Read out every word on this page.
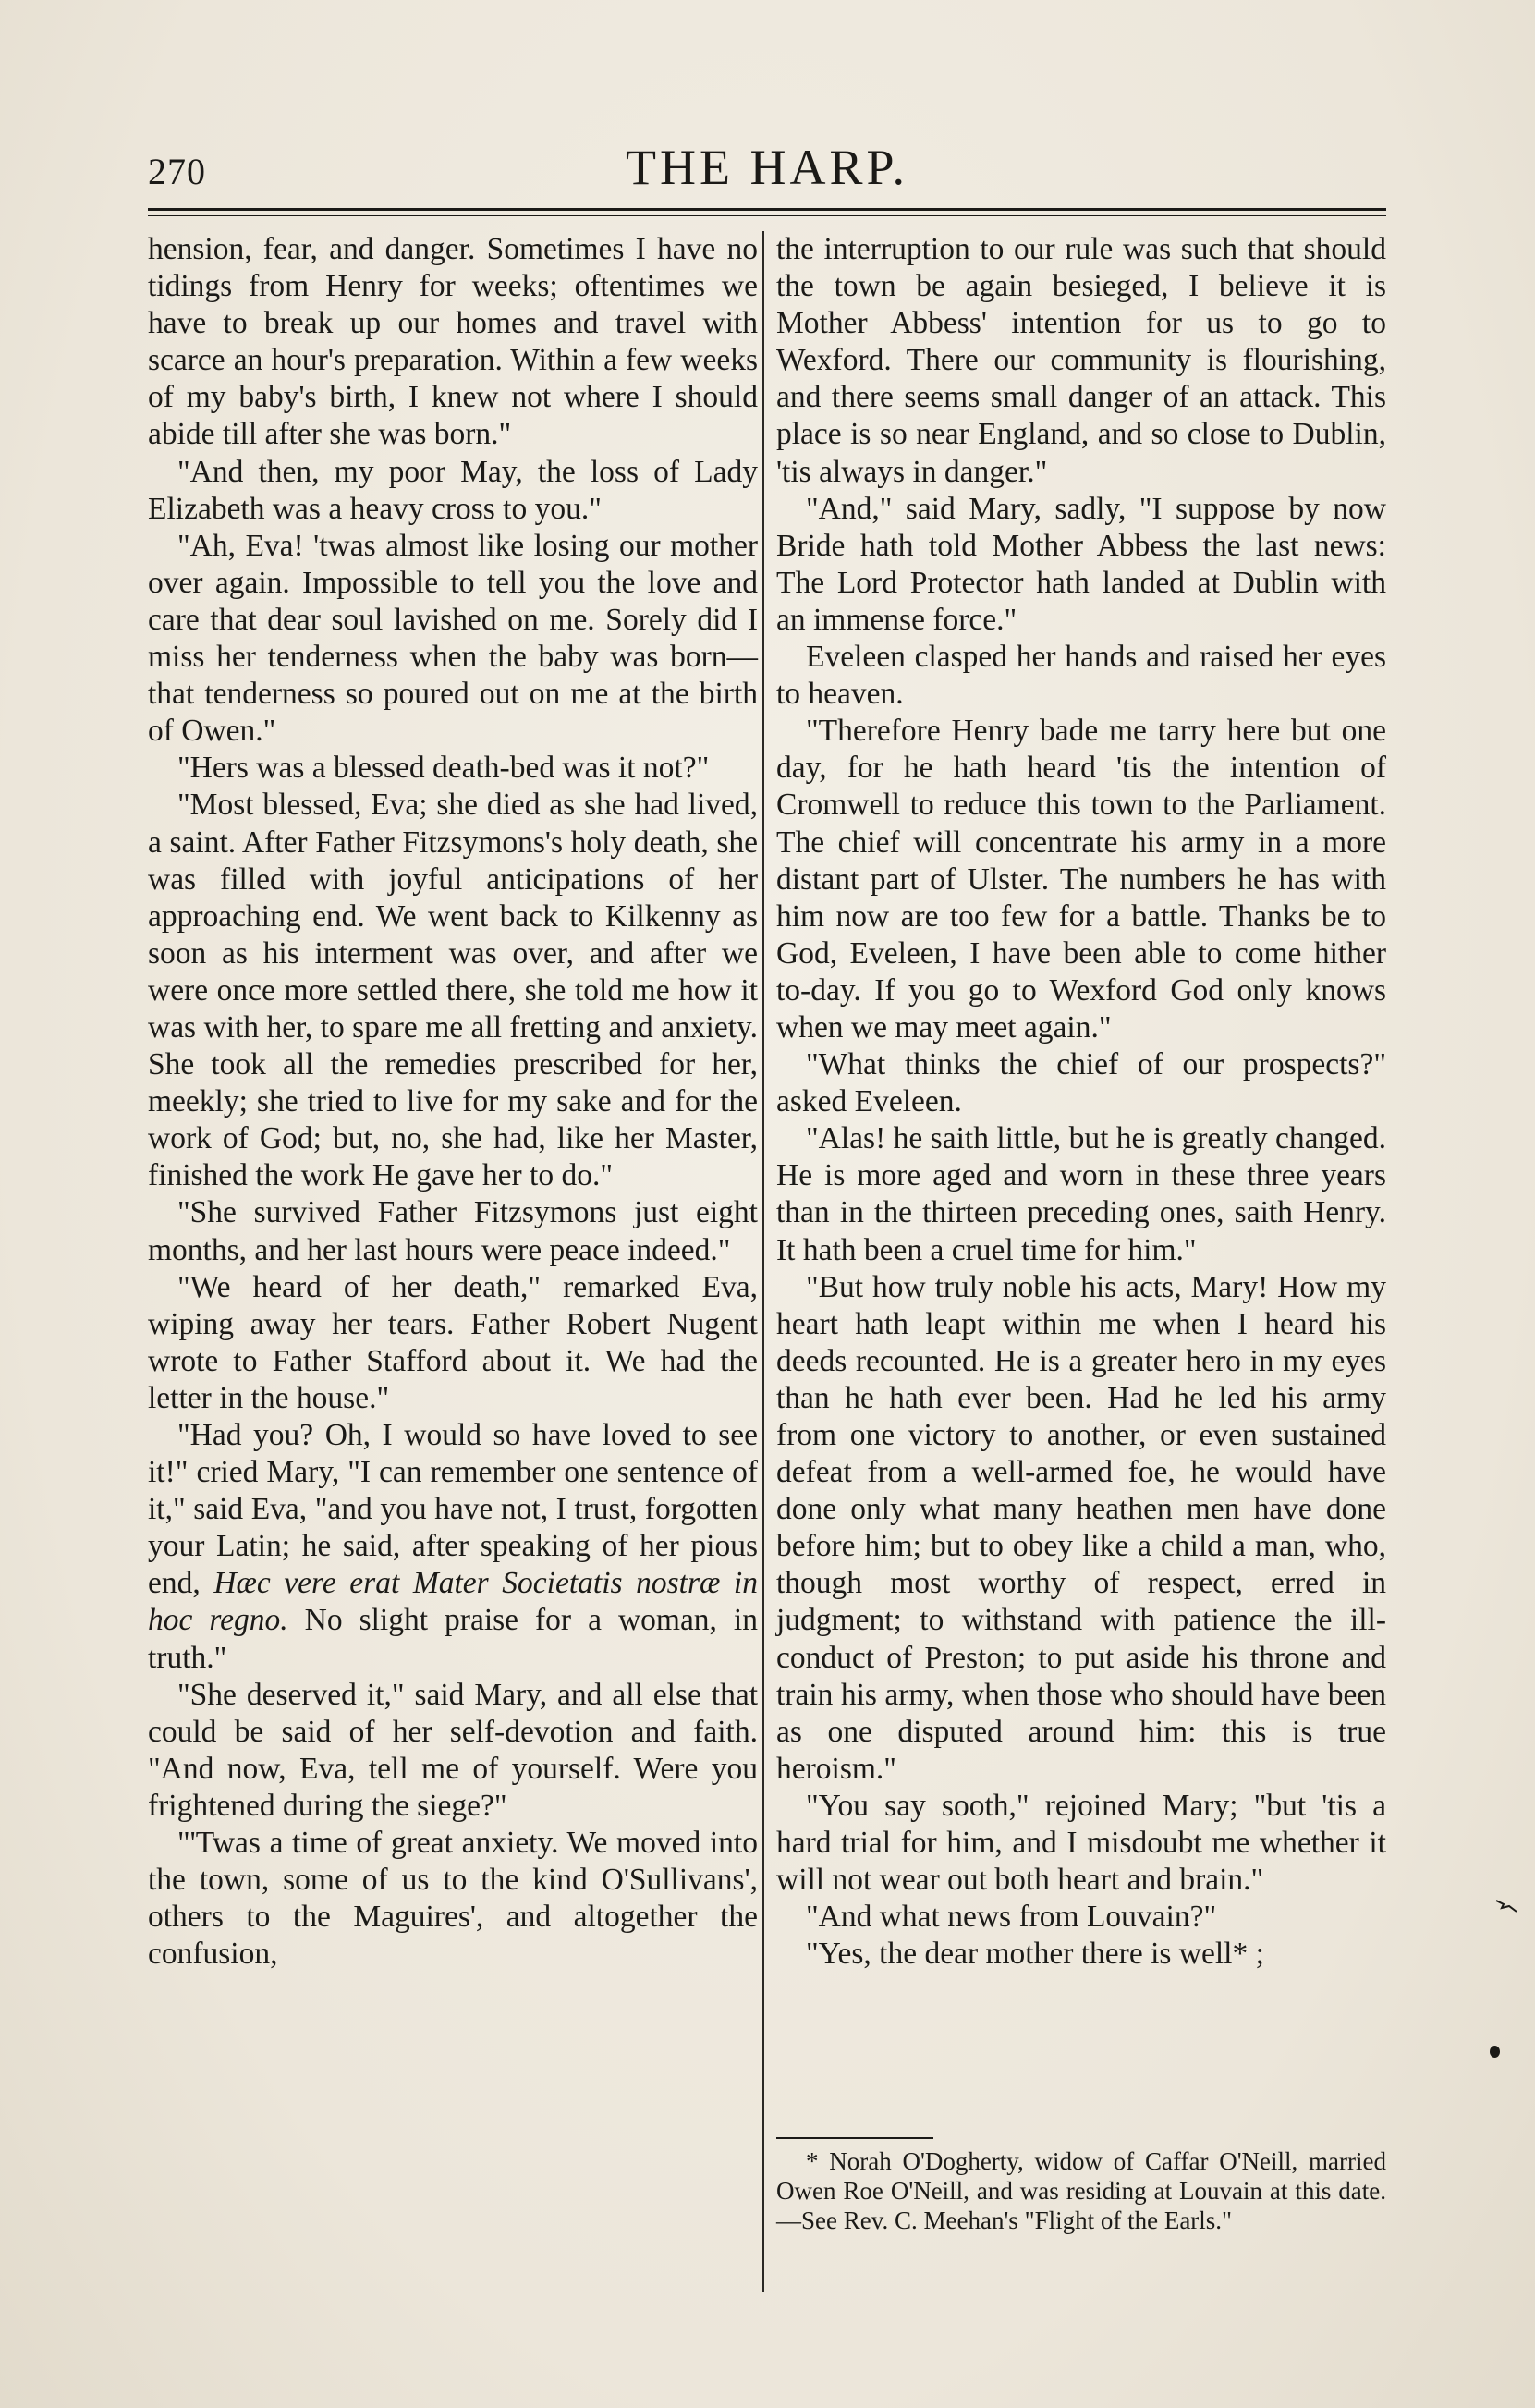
270	THE HARP.

hension, fear, and danger. Sometimes I have no tidings from Henry for weeks; oftentimes we have to break up our homes and travel with scarce an hour's preparation. Within a few weeks of my baby's birth, I knew not where I should abide till after she was born."

"And then, my poor May, the loss of Lady Elizabeth was a heavy cross to you."

"Ah, Eva! 'twas almost like losing our mother over again. Impossible to tell you the love and care that dear soul lavished on me. Sorely did I miss her tenderness when the baby was born—that tenderness so poured out on me at the birth of Owen."

"Hers was a blessed death-bed was it not?"

"Most blessed, Eva; she died as she had lived, a saint. After Father Fitzsymons's holy death, she was filled with joyful anticipations of her approaching end. We went back to Kilkenny as soon as his interment was over, and after we were once more settled there, she told me how it was with her, to spare me all fretting and anxiety. She took all the remedies prescribed for her, meekly; she tried to live for my sake and for the work of God; but, no, she had, like her Master, finished the work He gave her to do."

"She survived Father Fitzsymons just eight months, and her last hours were peace indeed."

"We heard of her death," remarked Eva, wiping away her tears. Father Robert Nugent wrote to Father Stafford about it. We had the letter in the house."

"Had you? Oh, I would so have loved to see it!" cried Mary, "I can remember one sentence of it," said Eva, "and you have not, I trust, forgotten your Latin; he said, after speaking of her pious end, Hæc vere erat Mater Societatis nostræ in hoc regno. No slight praise for a woman, in truth."

"She deserved it," said Mary, and all else that could be said of her self-devotion and faith. "And now, Eva, tell me of yourself. Were you frightened during the siege?"

"'Twas a time of great anxiety. We moved into the town, some of us to the kind O'Sullivans', others to the Maguires', and altogether the confusion,

the interruption to our rule was such that should the town be again besieged, I believe it is Mother Abbess' intention for us to go to Wexford. There our community is flourishing, and there seems small danger of an attack. This place is so near England, and so close to Dublin, 'tis always in danger."

"And," said Mary, sadly, "I suppose by now Bride hath told Mother Abbess the last news: The Lord Protector hath landed at Dublin with an immense force."

Eveleen clasped her hands and raised her eyes to heaven.

"Therefore Henry bade me tarry here but one day, for he hath heard 'tis the intention of Cromwell to reduce this town to the Parliament. The chief will concentrate his army in a more distant part of Ulster. The numbers he has with him now are too few for a battle. Thanks be to God, Eveleen, I have been able to come hither to-day. If you go to Wexford God only knows when we may meet again."

"What thinks the chief of our prospects?" asked Eveleen.

"Alas! he saith little, but he is greatly changed. He is more aged and worn in these three years than in the thirteen preceding ones, saith Henry. It hath been a cruel time for him."

"But how truly noble his acts, Mary! How my heart hath leapt within me when I heard his deeds recounted. He is a greater hero in my eyes than he hath ever been. Had he led his army from one victory to another, or even sustained defeat from a well-armed foe, he would have done only what many heathen men have done before him; but to obey like a child a man, who, though most worthy of respect, erred in judgment; to withstand with patience the ill-conduct of Preston; to put aside his throne and train his army, when those who should have been as one disputed around him: this is true heroism."

"You say sooth," rejoined Mary; "but 'tis a hard trial for him, and I misdoubt me whether it will not wear out both heart and brain."

"And what news from Louvain?"

"Yes, the dear mother there is well* ;

* Norah O'Dogherty, widow of Caffar O'Neill, married Owen Roe O'Neill, and was residing at Louvain at this date.—See Rev. C. Meehan's "Flight of the Earls."
